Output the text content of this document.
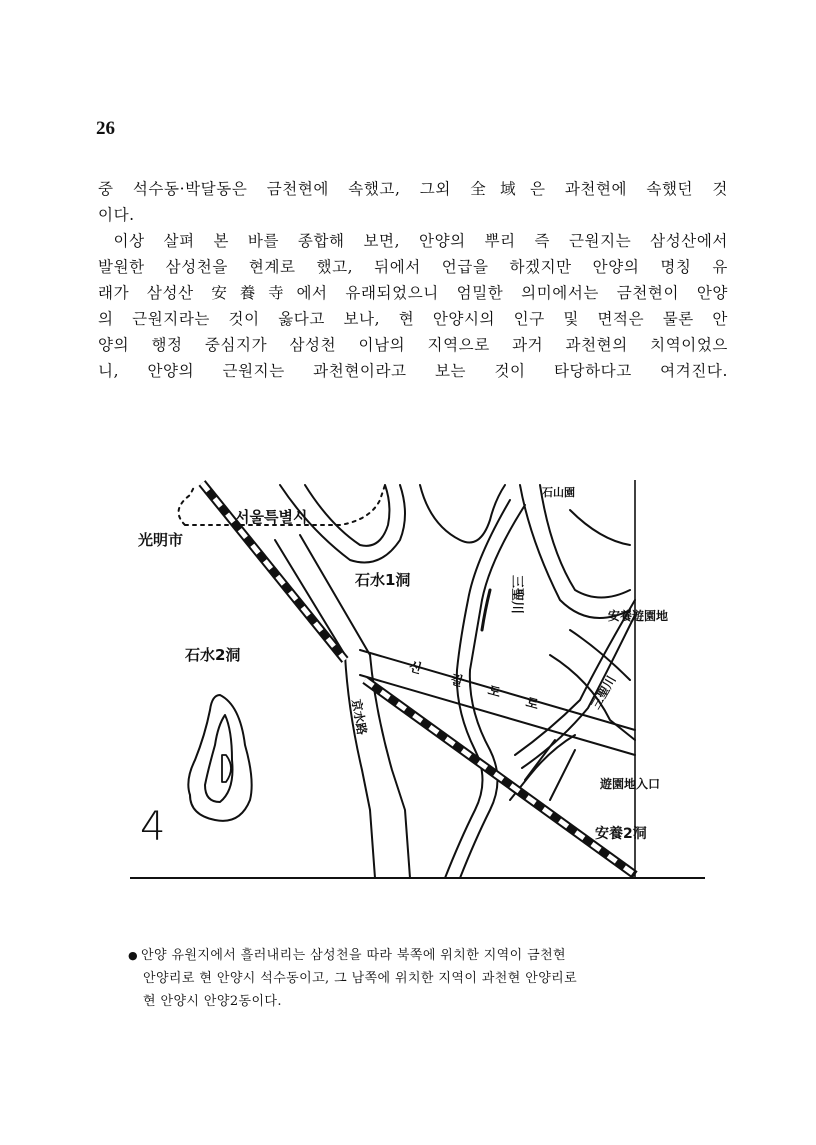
26

중 석수동·박달동은 금천현에 속했고, 그외 全域은 과천현에 속했던 것
이다.

이상 살펴 본 바를 종합해 보면, 안양의 뿌리 즉 근원지는 삼성산에서
발원한 삼성천을 현계로 했고, 뒤에서 언급을 하겠지만 안양의 명칭 유
래가 삼성산 安養寺에서 유래되었으니 엄밀한 의미에서는 금천현이 안양
의 근원지라는 것이 옳다고 보나, 현 안양시의 인구 및 면적은 물론 안
양의 행정 중심지가 삼성천 이남의 지역으로 과거 과천현의 치역이었으
니, 안양의 근원지는 과천현이라고 보는 것이 타당하다고 여겨진다.

서울특별시
光明市
石水1洞
石水2洞
石山園
安養遊園地
遊園地入口
安養2洞
4
三聖川
三聖川
京水路
신
갈
도
로
● 안양 유원지에서 흘러내리는 삼성천을 따라 북쪽에 위치한 지역이 금천현
안양리로 현 안양시 석수동이고, 그 남쪽에 위치한 지역이 과천현 안양리로
현 안양시 안양2동이다.
